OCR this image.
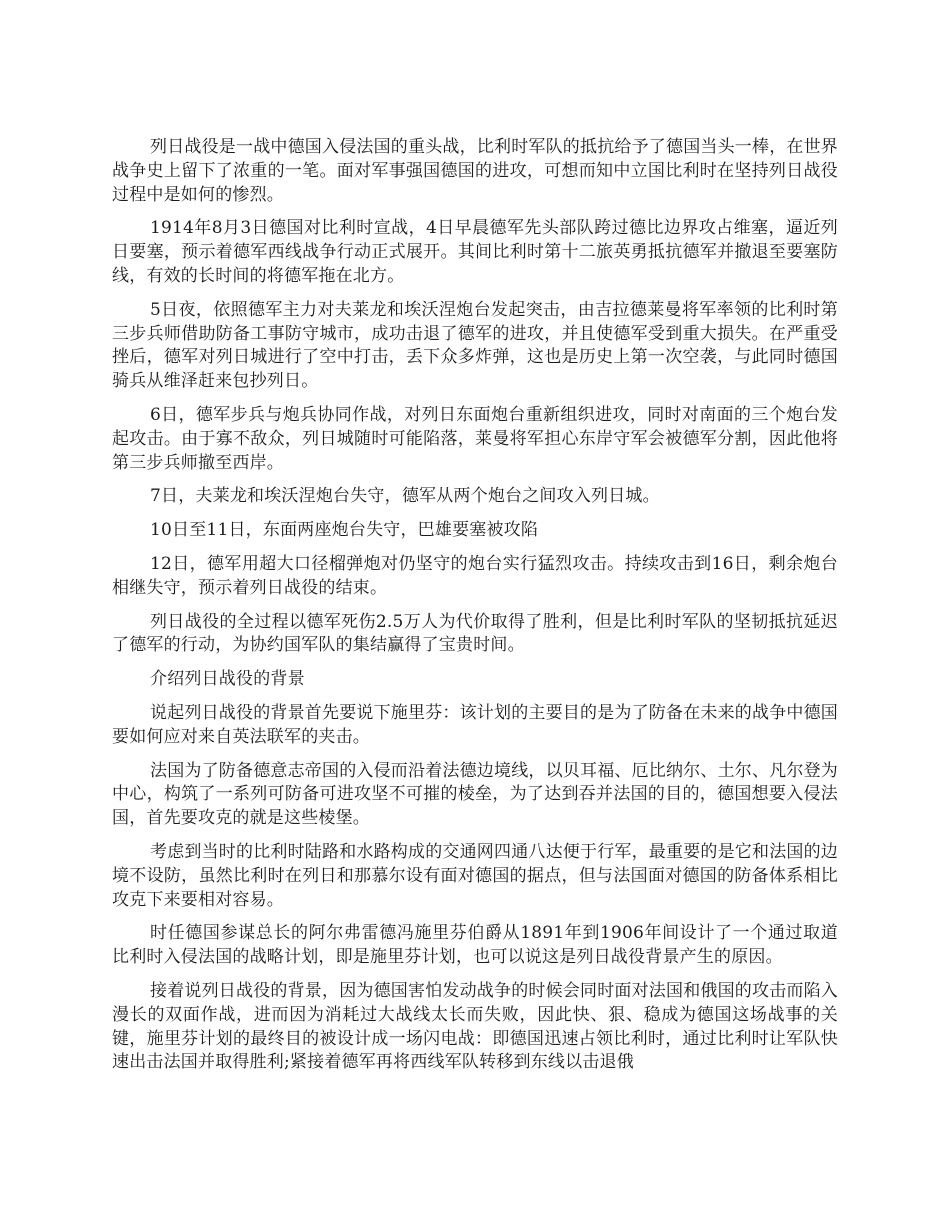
列日战役是一战中德国入侵法国的重头战，比利时军队的抵抗给予了德国当头一棒，在世界战争史上留下了浓重的一笔。面对军事强国德国的进攻，可想而知中立国比利时在坚持列日战役过程中是如何的惨烈。

1914年8月3日德国对比利时宣战，4日早晨德军先头部队跨过德比边界攻占维塞，逼近列日要塞，预示着德军西线战争行动正式展开。其间比利时第十二旅英勇抵抗德军并撤退至要塞防线，有效的长时间的将德军拖在北方。

5日夜，依照德军主力对夫莱龙和埃沃涅炮台发起突击，由吉拉德莱曼将军率领的比利时第三步兵师借助防备工事防守城市，成功击退了德军的进攻，并且使德军受到重大损失。在严重受挫后，德军对列日城进行了空中打击，丢下众多炸弹，这也是历史上第一次空袭，与此同时德国骑兵从维泽赶来包抄列日。

6日，德军步兵与炮兵协同作战，对列日东面炮台重新组织进攻，同时对南面的三个炮台发起攻击。由于寡不敌众，列日城随时可能陷落，莱曼将军担心东岸守军会被德军分割，因此他将第三步兵师撤至西岸。

7日，夫莱龙和埃沃涅炮台失守，德军从两个炮台之间攻入列日城。

10日至11日，东面两座炮台失守，巴雄要塞被攻陷

12日，德军用超大口径榴弹炮对仍坚守的炮台实行猛烈攻击。持续攻击到16日，剩余炮台相继失守，预示着列日战役的结束。

列日战役的全过程以德军死伤2.5万人为代价取得了胜利，但是比利时军队的坚韧抵抗延迟了德军的行动，为协约国军队的集结赢得了宝贵时间。

介绍列日战役的背景

说起列日战役的背景首先要说下施里芬：该计划的主要目的是为了防备在未来的战争中德国要如何应对来自英法联军的夹击。

法国为了防备德意志帝国的入侵而沿着法德边境线，以贝耳福、厄比纳尔、土尔、凡尔登为中心，构筑了一系列可防备可进攻坚不可摧的棱垒，为了达到吞并法国的目的，德国想要入侵法国，首先要攻克的就是这些棱堡。

考虑到当时的比利时陆路和水路构成的交通网四通八达便于行军，最重要的是它和法国的边境不设防，虽然比利时在列日和那慕尔设有面对德国的据点，但与法国面对德国的防备体系相比攻克下来要相对容易。

时任德国参谋总长的阿尔弗雷德冯施里芬伯爵从1891年到1906年间设计了一个通过取道比利时入侵法国的战略计划，即是施里芬计划，也可以说这是列日战役背景产生的原因。

接着说列日战役的背景，因为德国害怕发动战争的时候会同时面对法国和俄国的攻击而陷入漫长的双面作战，进而因为消耗过大战线太长而失败，因此快、狠、稳成为德国这场战事的关键，施里芬计划的最终目的被设计成一场闪电战：即德国迅速占领比利时，通过比利时让军队快速出击法国并取得胜利;紧接着德军再将西线军队转移到东线以击退俄
